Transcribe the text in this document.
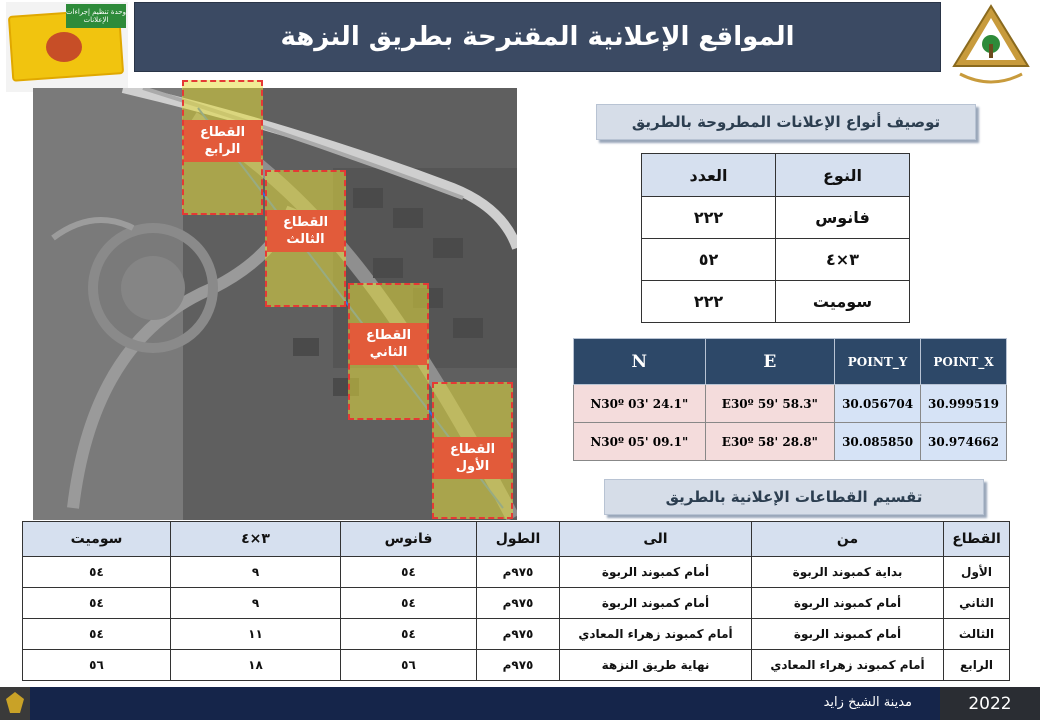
وحدة تنظيم إجراءات الإعلانات
المواقع الإعلانية المقترحة بطريق النزهة
القطاع الرابع
القطاع الثالث
القطاع الثاني
القطاع الأول
توصيف أنواع الإعلانات المطروحة بالطريق
النوع	العدد
فانوس	٢٢٢
٣×٤	٥٢
سوميت	٢٢٢
N	E	POINT_Y	POINT_X
N30º 03' 24.1"	E30º 59' 58.3"	30.056704	30.999519
N30º 05' 09.1"	E30º 58' 28.8"	30.085850	30.974662
تقسيم القطاعات الإعلانية بالطريق
القطاع	من	الى	الطول	فانوس	٣×٤	سوميت
الأول	بداية كمبوند الربوة	أمام كمبوند الربوة	٩٧٥م	٥٤	٩	٥٤
الثاني	أمام كمبوند الربوة	أمام كمبوند الربوة	٩٧٥م	٥٤	٩	٥٤
الثالث	أمام كمبوند الربوة	أمام كمبوند زهراء المعادي	٩٧٥م	٥٤	١١	٥٤
الرابع	أمام كمبوند زهراء المعادي	نهاية طريق النزهة	٩٧٥م	٥٦	١٨	٥٦
مدينة الشيخ زايد	2022
